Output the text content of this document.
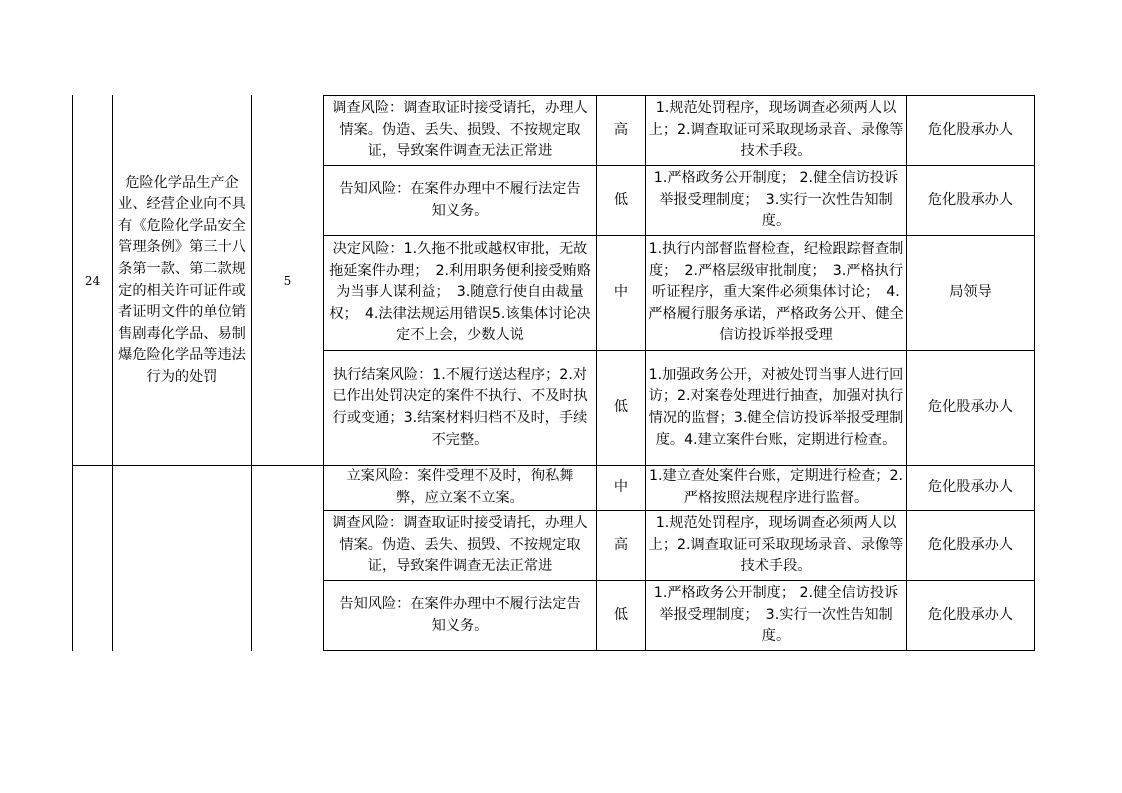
24
危险化学品生产企业、经营企业向不具有《危险化学品安全管理条例》第三十八条第一款、第二款规定的相关许可证件或者证明文件的单位销售剧毒化学品、易制爆危险化学品等违法行为的处罚
5
调查风险：调查取证时接受请托，办理人情案。伪造、丢失、损毁、不按规定取证，导致案件调查无法正常进
高
1.规范处罚程序，现场调查必须两人以上；2.调查取证可采取现场录音、录像等技术手段。
危化股承办人
告知风险：在案件办理中不履行法定告知义务。
低
1.严格政务公开制度； 2.健全信访投诉举报受理制度；　3.实行一次性告知制度。
危化股承办人
决定风险：1.久拖不批或越权审批，无故拖延案件办理；　2.利用职务便利接受贿赂为当事人谋利益；　3.随意行使自由裁量权；　4.法律法规运用错误5.该集体讨论决定不上会，少数人说
中
1.执行内部督监督检查，纪检跟踪督查制度；　2.严格层级审批制度；　3.严格执行听证程序，重大案件必须集体讨论；　4.严格履行服务承诺，严格政务公开、健全信访投诉举报受理
局领导
执行结案风险：1.不履行送达程序；2.对已作出处罚决定的案件不执行、不及时执行或变通；3.结案材料归档不及时，手续不完整。
低
1.加强政务公开，对被处罚当事人进行回访；2.对案卷处理进行抽查，加强对执行情况的监督；3.健全信访投诉举报受理制度。4.建立案件台账，定期进行检查。
危化股承办人
立案风险：案件受理不及时，徇私舞弊，应立案不立案。
中
1.建立查处案件台账，定期进行检查；2.严格按照法规程序进行监督。
危化股承办人
调查风险：调查取证时接受请托，办理人情案。伪造、丢失、损毁、不按规定取证，导致案件调查无法正常进
高
1.规范处罚程序，现场调查必须两人以上；2.调查取证可采取现场录音、录像等技术手段。
危化股承办人
告知风险：在案件办理中不履行法定告知义务。
低
1.严格政务公开制度； 2.健全信访投诉举报受理制度；　3.实行一次性告知制度。
危化股承办人
